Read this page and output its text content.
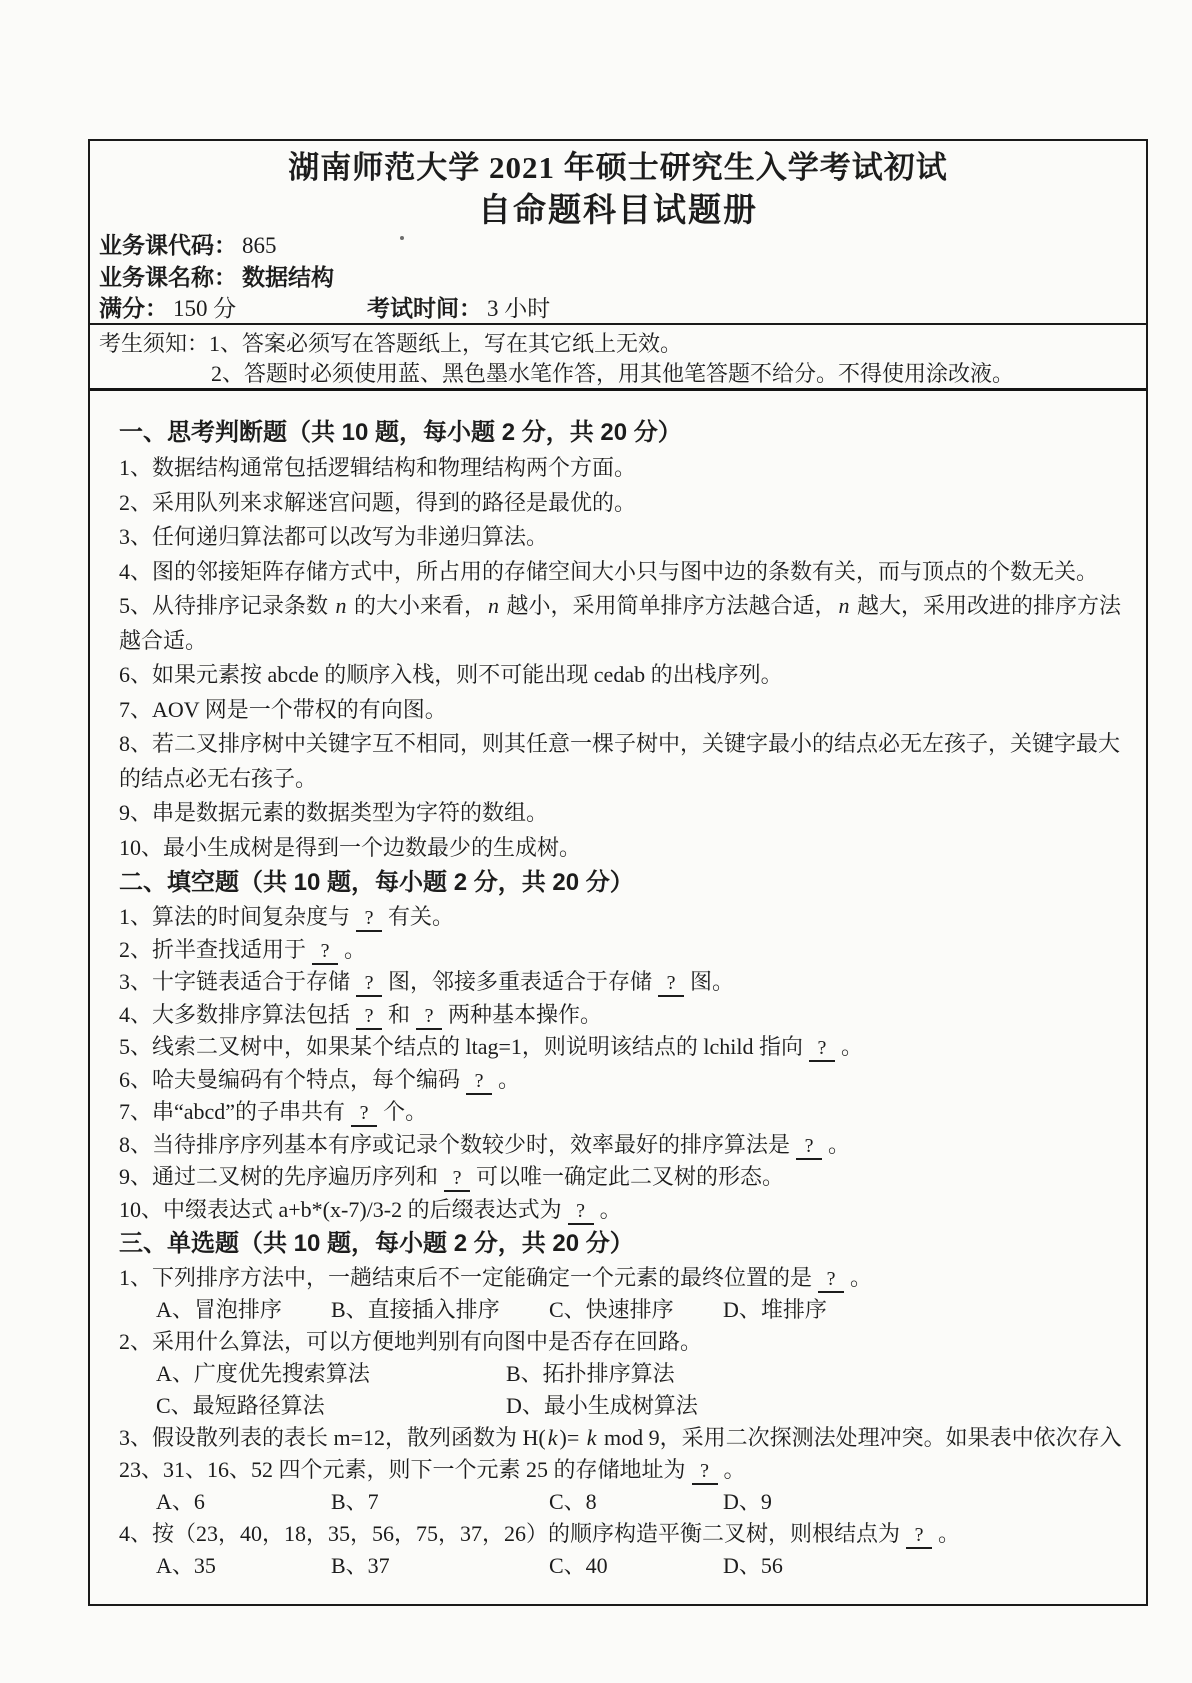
湖南师范大学 2021 年硕士研究生入学考试初试
自命题科目试题册
业务课代码： 865
业务课名称： 数据结构
满分： 150 分	考试时间： 3 小时
考生须知：1、答案必须写在答题纸上，写在其它纸上无效。
2、答题时必须使用蓝、黑色墨水笔作答，用其他笔答题不给分。不得使用涂改液。
一、思考判断题（共 10 题，每小题 2 分，共 20 分）
1、数据结构通常包括逻辑结构和物理结构两个方面。
2、采用队列来求解迷宫问题，得到的路径是最优的。
3、任何递归算法都可以改写为非递归算法。
4、图的邻接矩阵存储方式中，所占用的存储空间大小只与图中边的条数有关，而与顶点的个数无关。
5、从待排序记录条数 n 的大小来看，n 越小，采用简单排序方法越合适，n 越大，采用改进的排序方法越合适。
6、如果元素按 abcde 的顺序入栈，则不可能出现 cedab 的出栈序列。
7、AOV 网是一个带权的有向图。
8、若二叉排序树中关键字互不相同，则其任意一棵子树中，关键字最小的结点必无左孩子，关键字最大的结点必无右孩子。
9、串是数据元素的数据类型为字符的数组。
10、最小生成树是得到一个边数最少的生成树。
二、填空题（共 10 题，每小题 2 分，共 20 分）
1、算法的时间复杂度与 ? 有关。
2、折半查找适用于 ? 。
3、十字链表适合于存储 ? 图，邻接多重表适合于存储 ? 图。
4、大多数排序算法包括 ? 和 ? 两种基本操作。
5、线索二叉树中，如果某个结点的 ltag=1，则说明该结点的 lchild 指向 ? 。
6、哈夫曼编码有个特点，每个编码 ? 。
7、串“abcd”的子串共有 ? 个。
8、当待排序序列基本有序或记录个数较少时，效率最好的排序算法是 ? 。
9、通过二叉树的先序遍历序列和 ? 可以唯一确定此二叉树的形态。
10、中缀表达式 a+b*(x-7)/3-2 的后缀表达式为 ? 。
三、单选题（共 10 题，每小题 2 分，共 20 分）
1、下列排序方法中，一趟结束后不一定能确定一个元素的最终位置的是 ? 。
A、冒泡排序	B、直接插入排序	C、快速排序	D、堆排序
2、采用什么算法，可以方便地判别有向图中是否存在回路。
A、广度优先搜索算法	B、拓扑排序算法
C、最短路径算法	D、最小生成树算法
3、假设散列表的表长 m=12，散列函数为 H(k)= k mod 9，采用二次探测法处理冲突。如果表中依次存入 23、31、16、52 四个元素，则下一个元素 25 的存储地址为 ? 。
A、6	B、7	C、8	D、9
4、按（23，40，18，35，56，75，37，26）的顺序构造平衡二叉树，则根结点为 ? 。
A、35	B、37	C、40	D、56
